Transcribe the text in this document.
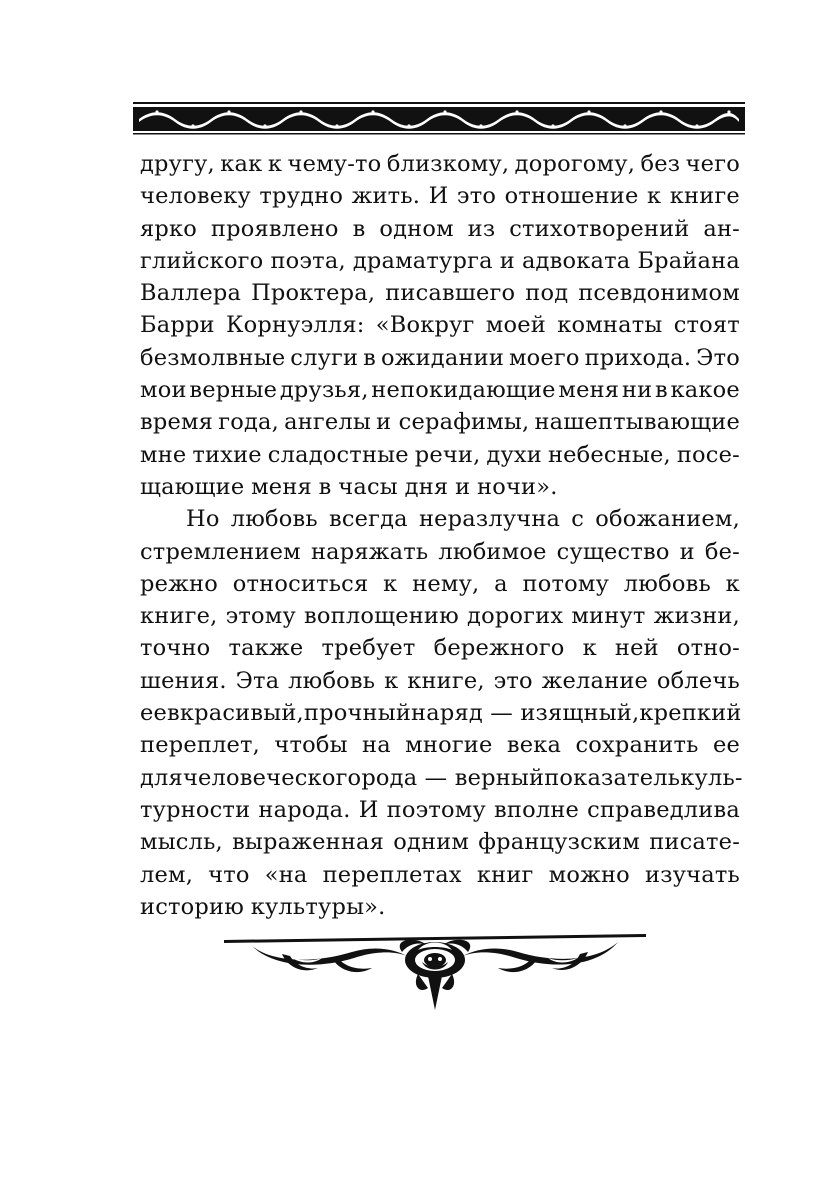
другу, как к чему-то близкому, дорогому, без чего
человеку трудно жить. И это отношение к книге
ярко проявлено в одном из стихотворений ан-
глийского поэта, драматурга и адвоката Брайана
Валлера Проктера, писавшего под псевдонимом
Барри Корнуэлля: «Вокруг моей комнаты стоят
безмолвные слуги в ожидании моего прихода. Это
мои верные друзья, непокидающие меня ни в какое
время года, ангелы и серафимы, нашептывающие
мне тихие сладостные речи, духи небесные, посе-
щающие меня в часы дня и ночи».
Но любовь всегда неразлучна с обожанием,
стремлением наряжать любимое существо и бе-
режно относиться к нему, а потому любовь к
книге, этому воплощению дорогих минут жизни,
точно также требует бережного к ней отно-
шения. Эта любовь к книге, это желание облечь
ее в красивый, прочный наряд — изящный, крепкий
переплет, чтобы на многие века сохранить ее
для человеческого рода — верный показатель куль-
турности народа. И поэтому вполне справедлива
мысль, выраженная одним французским писате-
лем, что «на переплетах книг можно изучать
историю культуры».
